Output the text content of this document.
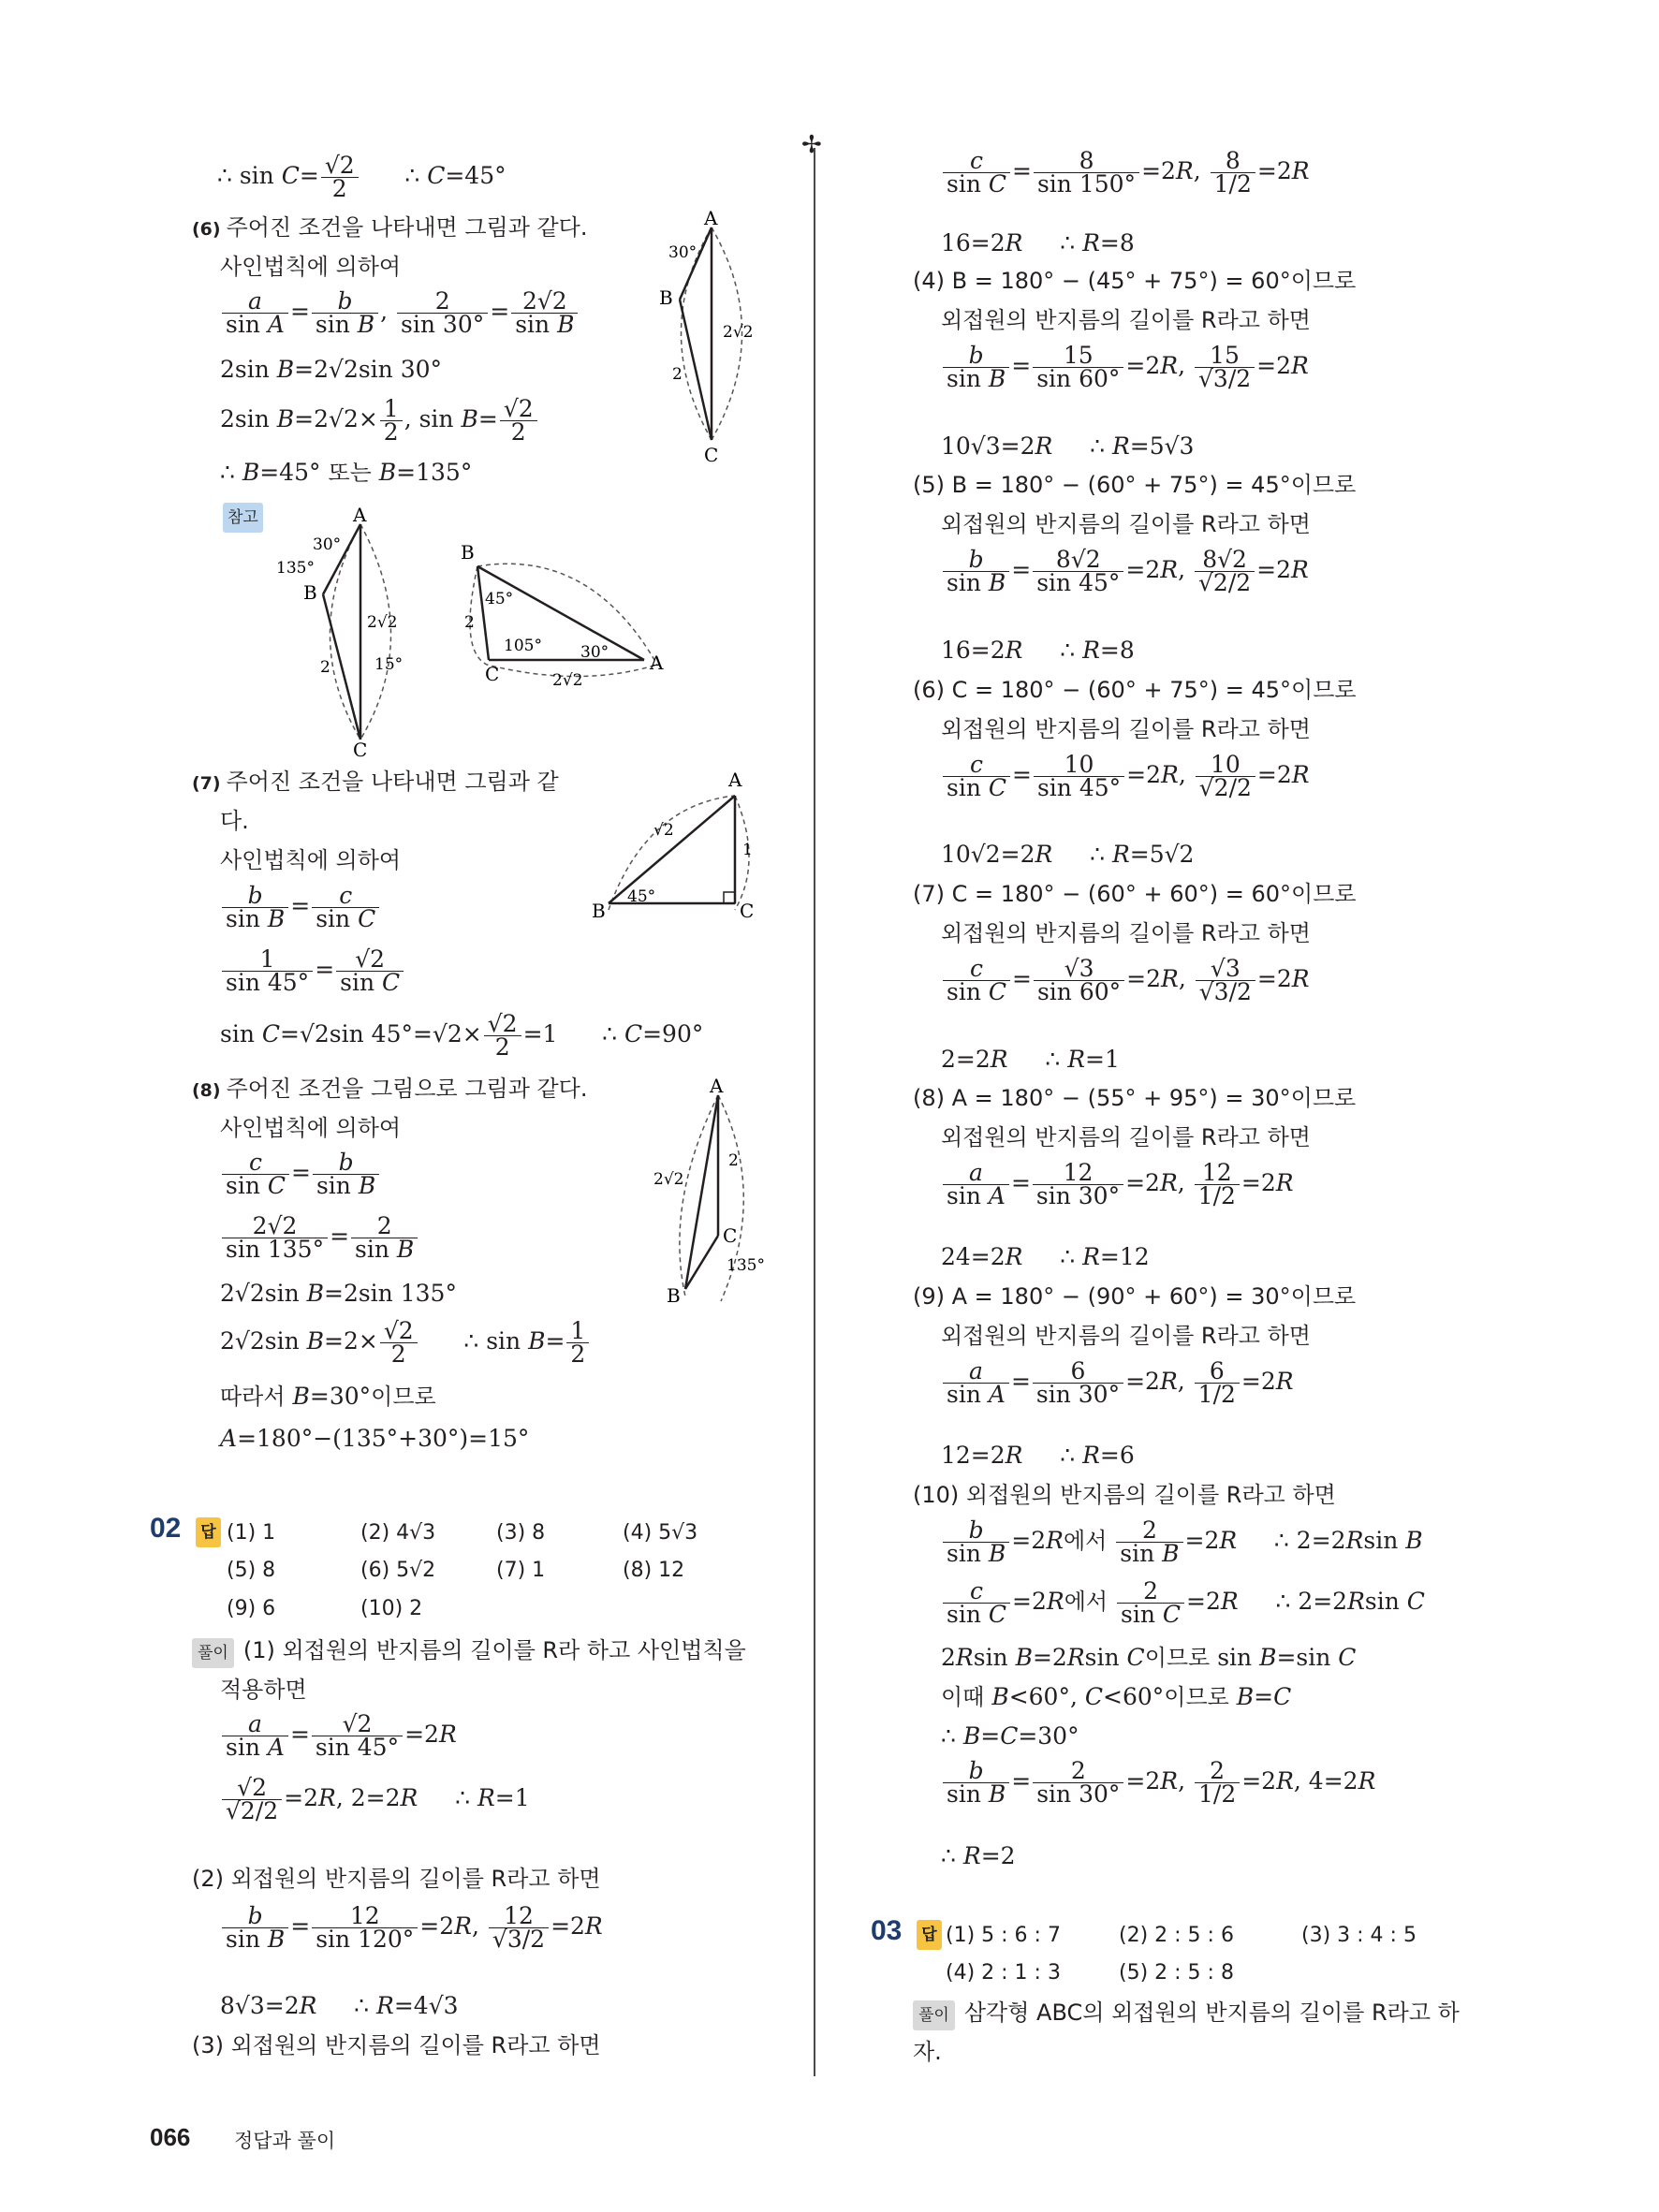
∴ $\sin C= \frac{√2}{2}$ ∴ C=45°
(6) 주어진 조건을 나타내면 그림과 같다.
사인법칙에 의하여
$\frac{a}{\text{sin A}} = \frac{b}{\text{sin B}}$ , $\frac{2}{\sin 30^\circ} = \frac{2√2}{\text{sin B}}$
2sin B=2√2sin 30°
2sin $B=2√2\times \frac{1}{2}$ , $\sin B= \frac{√2}{2}$
∴ B=45° 또는 B=135°
참고
A
B
C
30°
2√2
2
A
B
C
30°
135°
15°
2√2
2
B
C	A
45°
105° 30°
2
2√2
(7) 주어진 조건을 나타내면 그림과 같
다.
사인법칙에 의하여
$\frac{b}{\text{sin B}} = \frac{c}{\text{sin C}}$
$\frac{1}{\sin 45^\circ} = \frac{√2}{\text{sin C}}$
sin C=√2sin $45^\circ=√2\times \frac{√2}{2} =1$      ∴ C=90°
A
B	C
45°
√2
1
(8) 주어진 조건을 그림으로 그림과 같다.
사인법칙에 의하여
$\frac{c}{\text{sin C}} = \frac{b}{\text{sin B}}$
$\frac{2√2}{\sin 135^\circ} = \frac{2}{\text{sin B}}$
2√2sin B=2sin 135°
2√2sin $B=2\times \frac{√2}{2}$ ∴ $\sin B= \frac{1}{2}$
따라서 B=30°이므로
A=180°−(135°+30°)=15°
A
C
B
2√2
2
135°
02 답 (1) 1	(2) 4√3	(3) 8	(4) 5√3
(5) 8	(6) 5√2	(7) 1	(8) 12
(9) 6	(10) 2
풀이 (1) 외접원의 반지름의 길이를 R라 하고 사인법칙을
적용하면
$\frac{a}{\text{sin A}} = \frac{√2}{\sin 45^\circ} =2R$
$\frac{√2}{√2/2} =2R$, 2=2R     ∴ R=1
(2) 외접원의 반지름의 길이를 R라고 하면
$\frac{b}{\text{sin B}} = \frac{12}{\sin 120^\circ} =2R$, $\frac{12}{√3/2} =2R$
8√3=2R     ∴ R=4√3
(3) 외접원의 반지름의 길이를 R라고 하면
✢
$\frac{c}{\text{sin C}} = \frac{8}{\sin 150^\circ} =2R$, $\frac{8}{1/2} =2R$
16=2R     ∴ R=8
(4) B = 180° − (45° + 75°) = 60°이므로
외접원의 반지름의 길이를 R라고 하면
$\frac{b}{\text{sin B}} = \frac{15}{\sin 60^\circ} =2R$, $\frac{15}{√3/2} =2R$
10√3=2R     ∴ R=5√3
(5) B = 180° − (60° + 75°) = 45°이므로
외접원의 반지름의 길이를 R라고 하면
$\frac{b}{\text{sin B}} = \frac{8√2}{\sin 45^\circ} =2R$, $\frac{8√2}{√2/2} =2R$
16=2R     ∴ R=8
(6) C = 180° − (60° + 75°) = 45°이므로
외접원의 반지름의 길이를 R라고 하면
$\frac{c}{\text{sin C}} = \frac{10}{\sin 45^\circ} =2R$, $\frac{10}{√2/2} =2R$
10√2=2R     ∴ R=5√2
(7) C = 180° − (60° + 60°) = 60°이므로
외접원의 반지름의 길이를 R라고 하면
$\frac{c}{\text{sin C}} = \frac{√3}{\sin 60^\circ} =2R$, $\frac{√3}{√3/2} =2R$
2=2R     ∴ R=1
(8) A = 180° − (55° + 95°) = 30°이므로
외접원의 반지름의 길이를 R라고 하면
$\frac{a}{\text{sin A}} = \frac{12}{\sin 30^\circ} =2R$, $\frac{12}{1/2} =2R$
24=2R     ∴ R=12
(9) A = 180° − (90° + 60°) = 30°이므로
외접원의 반지름의 길이를 R라고 하면
$\frac{a}{\text{sin A}} = \frac{6}{\sin 30^\circ} =2R$, $\frac{6}{1/2} =2R$
12=2R     ∴ R=6
(10) 외접원의 반지름의 길이를 R라고 하면
$\frac{b}{\text{sin B}} =2R$에서 $\frac{2}{\text{sin B}} =2R$     ∴ 2=2Rsin B
$\frac{c}{\text{sin C}} =2R$에서 $\frac{2}{\text{sin C}} =2R$     ∴ 2=2Rsin C
2Rsin B=2Rsin C이므로 sin B=sin C
이때 B<60°, C<60°이므로 B=C
∴ B=C=30°
$\frac{b}{\text{sin B}} = \frac{2}{\sin 30^\circ} =2R$, $\frac{2}{1/2} =2R$, 4=2R
∴ R=2
03 답 (1) 5 : 6 : 7	(2) 2 : 5 : 6	(3) 3 : 4 : 5
(4) 2 : 1 : 3	(5) 2 : 5 : 8
풀이 삼각형 ABC의 외접원의 반지름의 길이를 R라고 하
자.
066 정답과 풀이
